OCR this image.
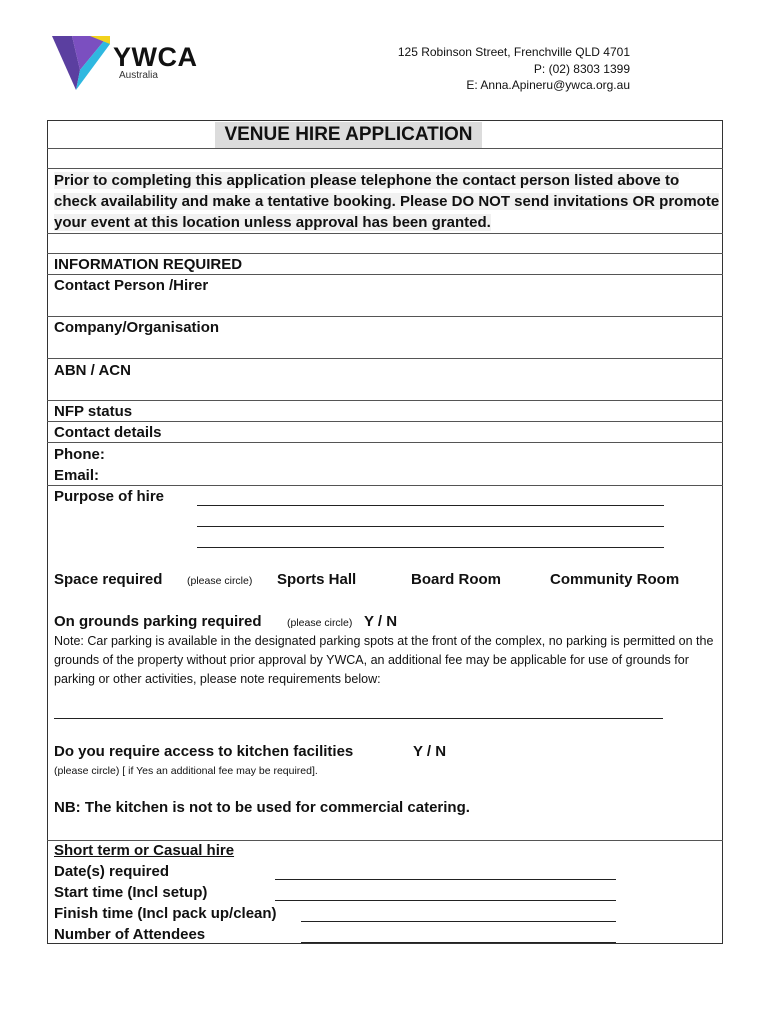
YWCA
Australia
125 Robinson Street, Frenchville QLD 4701
P: (02) 8303 1399
E: Anna.Apineru@ywca.org.au
VENUE HIRE APPLICATION
Prior to completing this application please telephone the contact person listed above to check availability and make a tentative booking. Please DO NOT send invitations OR promote your event at this location unless approval has been granted.
INFORMATION REQUIRED
Contact Person /Hirer
Company/Organisation
ABN / ACN
NFP status
Contact details
Phone:
Email:
Purpose of hire
Space required (please circle) Sports Hall	Board Room	Community Room
On grounds parking required (please circle) Y / N
Note: Car parking is available in the designated parking spots at the front of the complex, no parking is permitted on the grounds of the property without prior approval by YWCA, an additional fee may be applicable for use of grounds for parking or other activities, please note requirements below:
Do you require access to kitchen facilities	Y / N
(please circle) [ if Yes an additional fee may be required].
NB: The kitchen is not to be used for commercial catering.
Short term or Casual hire
Date(s) required
Start time (Incl setup)
Finish time (Incl pack up/clean)
Number of Attendees
